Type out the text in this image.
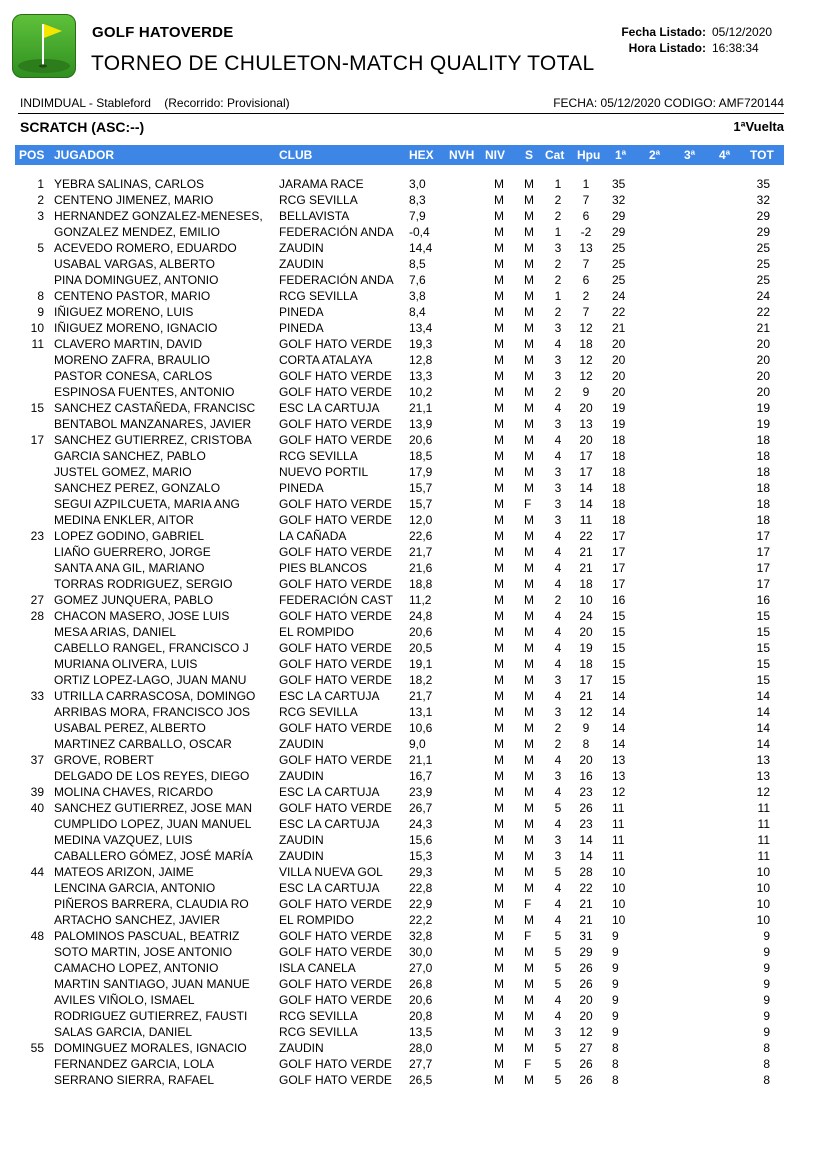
GOLF HATOVERDE
TORNEO DE CHULETON-MATCH QUALITY TOTAL
Fecha Listado: 05/12/2020
Hora Listado: 16:38:34
INDIMDUAL - Stableford    (Recorrido: Provisional)	FECHA: 05/12/2020 CODIGO: AMF720144
SCRATCH (ASC:--)	1ªVuelta
POS JUGADOR	CLUB	HEX NVH NIV S Cat Hpu 1ª 2ª 3ª 4ª TOT
1 YEBRA SALINAS, CARLOS	JARAMA RACE	3,0	M	M	1	1	35	35
2 CENTENO JIMENEZ, MARIO	RCG SEVILLA	8,3	M	M	2	7	32	32
3 HERNANDEZ GONZALEZ-MENESES,	BELLAVISTA	7,9	M	M	2	6	29	29
GONZALEZ MENDEZ, EMILIO	FEDERACIÓN ANDA	-0,4	M	M	1	-2	29	29
5 ACEVEDO ROMERO, EDUARDO	ZAUDIN	14,4	M	M	3	13	25	25
USABAL VARGAS, ALBERTO	ZAUDIN	8,5	M	M	2	7	25	25
PINA DOMINGUEZ, ANTONIO	FEDERACIÓN ANDA	7,6	M	M	2	6	25	25
8 CENTENO PASTOR, MARIO	RCG SEVILLA	3,8	M	M	1	2	24	24
9 IÑIGUEZ MORENO, LUIS	PINEDA	8,4	M	M	2	7	22	22
10 IÑIGUEZ MORENO, IGNACIO	PINEDA	13,4	M	M	3	12	21	21
11 CLAVERO MARTIN, DAVID	GOLF HATO VERDE	19,3	M	M	4	18	20	20
MORENO ZAFRA, BRAULIO	CORTA ATALAYA	12,8	M	M	3	12	20	20
PASTOR CONESA, CARLOS	GOLF HATO VERDE	13,3	M	M	3	12	20	20
ESPINOSA FUENTES, ANTONIO	GOLF HATO VERDE	10,2	M	M	2	9	20	20
15 SANCHEZ CASTAÑEDA, FRANCISC	ESC LA CARTUJA	21,1	M	M	4	20	19	19
BENTABOL MANZANARES, JAVIER	GOLF HATO VERDE	13,9	M	M	3	13	19	19
17 SANCHEZ GUTIERREZ, CRISTOBA	GOLF HATO VERDE	20,6	M	M	4	20	18	18
GARCIA SANCHEZ, PABLO	RCG SEVILLA	18,5	M	M	4	17	18	18
JUSTEL GOMEZ, MARIO	NUEVO PORTIL	17,9	M	M	3	17	18	18
SANCHEZ PEREZ, GONZALO	PINEDA	15,7	M	M	3	14	18	18
SEGUI AZPILCUETA, MARIA ANG	GOLF HATO VERDE	15,7	M	F	3	14	18	18
MEDINA ENKLER, AITOR	GOLF HATO VERDE	12,0	M	M	3	11	18	18
23 LOPEZ GODINO, GABRIEL	LA CAÑADA	22,6	M	M	4	22	17	17
LIAÑO GUERRERO, JORGE	GOLF HATO VERDE	21,7	M	M	4	21	17	17
SANTA ANA GIL, MARIANO	PIES BLANCOS	21,6	M	M	4	21	17	17
TORRAS RODRIGUEZ, SERGIO	GOLF HATO VERDE	18,8	M	M	4	18	17	17
27 GOMEZ JUNQUERA, PABLO	FEDERACIÓN CAST	11,2	M	M	2	10	16	16
28 CHACON MASERO, JOSE LUIS	GOLF HATO VERDE	24,8	M	M	4	24	15	15
MESA ARIAS, DANIEL	EL ROMPIDO	20,6	M	M	4	20	15	15
CABELLO RANGEL, FRANCISCO J	GOLF HATO VERDE	20,5	M	M	4	19	15	15
MURIANA OLIVERA, LUIS	GOLF HATO VERDE	19,1	M	M	4	18	15	15
ORTIZ LOPEZ-LAGO, JUAN MANU	GOLF HATO VERDE	18,2	M	M	3	17	15	15
33 UTRILLA CARRASCOSA, DOMINGO	ESC LA CARTUJA	21,7	M	M	4	21	14	14
ARRIBAS MORA, FRANCISCO JOS	RCG SEVILLA	13,1	M	M	3	12	14	14
USABAL PEREZ, ALBERTO	GOLF HATO VERDE	10,6	M	M	2	9	14	14
MARTINEZ CARBALLO, OSCAR	ZAUDIN	9,0	M	M	2	8	14	14
37 GROVE, ROBERT	GOLF HATO VERDE	21,1	M	M	4	20	13	13
DELGADO DE LOS REYES, DIEGO	ZAUDIN	16,7	M	M	3	16	13	13
39 MOLINA CHAVES, RICARDO	ESC LA CARTUJA	23,9	M	M	4	23	12	12
40 SANCHEZ GUTIERREZ, JOSE MAN	GOLF HATO VERDE	26,7	M	M	5	26	11	11
CUMPLIDO LOPEZ, JUAN MANUEL	ESC LA CARTUJA	24,3	M	M	4	23	11	11
MEDINA VAZQUEZ, LUIS	ZAUDIN	15,6	M	M	3	14	11	11
CABALLERO GÓMEZ, JOSÉ MARÍA	ZAUDIN	15,3	M	M	3	14	11	11
44 MATEOS ARIZON, JAIME	VILLA NUEVA GOL	29,3	M	M	5	28	10	10
LENCINA GARCIA, ANTONIO	ESC LA CARTUJA	22,8	M	M	4	22	10	10
PIÑEROS BARRERA, CLAUDIA RO	GOLF HATO VERDE	22,9	M	F	4	21	10	10
ARTACHO SANCHEZ, JAVIER	EL ROMPIDO	22,2	M	M	4	21	10	10
48 PALOMINOS PASCUAL, BEATRIZ	GOLF HATO VERDE	32,8	M	F	5	31	9	9
SOTO MARTIN, JOSE ANTONIO	GOLF HATO VERDE	30,0	M	M	5	29	9	9
CAMACHO LOPEZ, ANTONIO	ISLA CANELA	27,0	M	M	5	26	9	9
MARTIN SANTIAGO, JUAN MANUE	GOLF HATO VERDE	26,8	M	M	5	26	9	9
AVILES VIÑOLO, ISMAEL	GOLF HATO VERDE	20,6	M	M	4	20	9	9
RODRIGUEZ GUTIERREZ, FAUSTI	RCG SEVILLA	20,8	M	M	4	20	9	9
SALAS GARCIA, DANIEL	RCG SEVILLA	13,5	M	M	3	12	9	9
55 DOMINGUEZ MORALES, IGNACIO	ZAUDIN	28,0	M	M	5	27	8	8
FERNANDEZ GARCIA, LOLA	GOLF HATO VERDE	27,7	M	F	5	26	8	8
SERRANO SIERRA, RAFAEL	GOLF HATO VERDE	26,5	M	M	5	26	8	8
